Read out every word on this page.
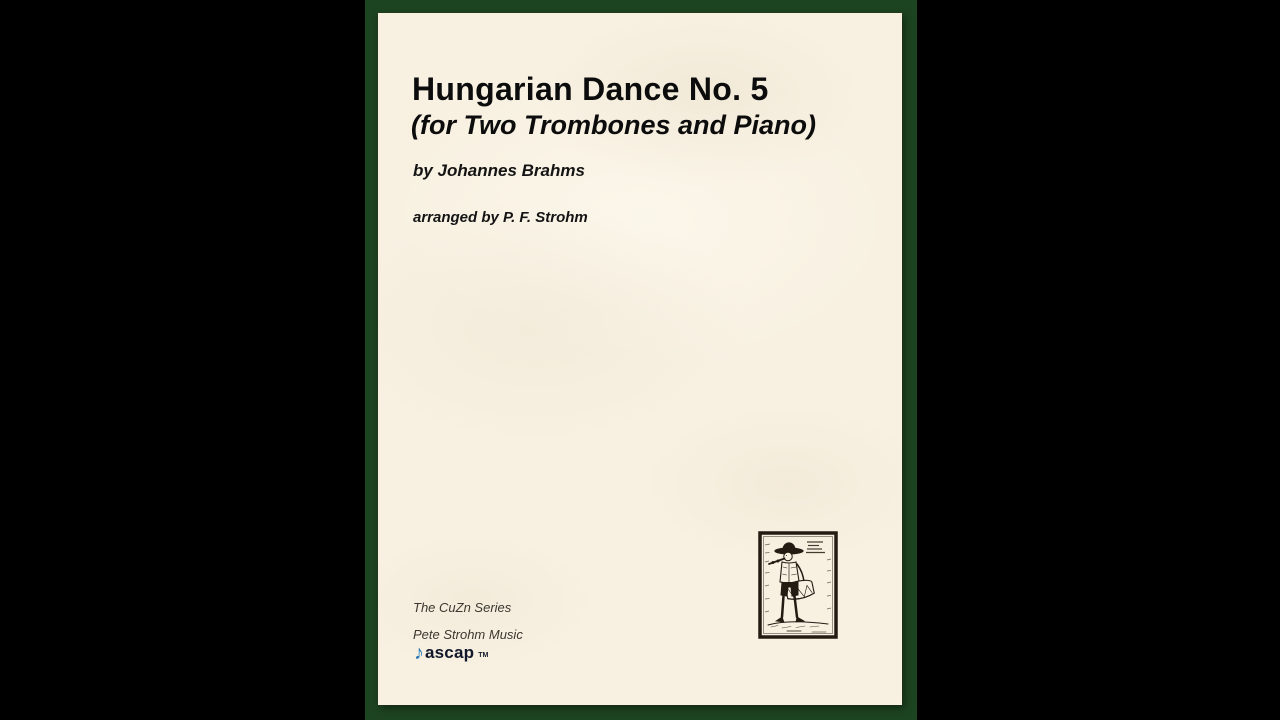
Hungarian Dance No. 5
(for Two Trombones and Piano)
by Johannes Brahms
arranged by P. F. Strohm
The CuZn Series
Pete Strohm Music
♪ ascap TM
